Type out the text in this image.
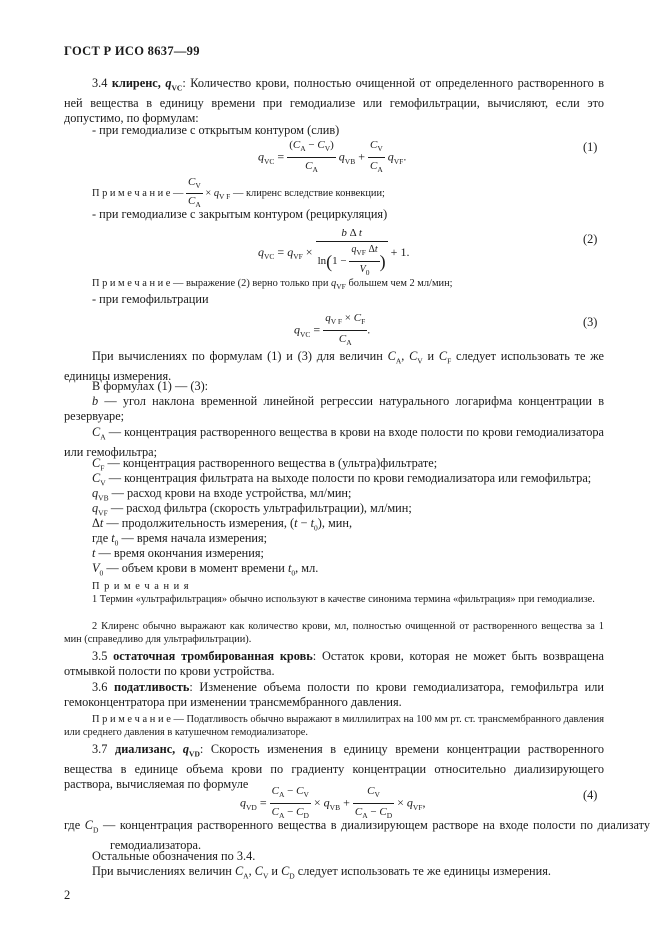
ГОСТ Р ИСО 8637—99
3.4 клиренс, $q_{VC}$: Количество крови, полностью очищенной от определенного растворенного в ней вещества в единицу времени при гемодиализе или гемофильтрации, вычисляют, если это допустимо, по формулам:
- при гемодиализе с открытым контуром (слив)
$q_{VC} = \frac{(C_A - C_V)}{C_A} q_{VB} + \frac{C_V}{C_A} q_{VF}$.
(1)
П р и м е ч а н и е — $\frac{C_V}{C_A} \times q_{V F}$ — клиренс вследствие конвекции;
- при гемодиализе с закрытым контуром (рециркуляция)
$q_{VC} = q_{VF} \times \frac{\text{b Δ t}}{\ln(1 - \frac{q_{VF} \Delta t}{V_0} )} + 1$.
(2)
П р и м е ч а н и е — выражение (2) верно только при $q_{VF}$ большем чем 2 мл/мин;
- при гемофильтрации
$q_{VC} = \frac{q_{V F} \times C_F}{C_A}$ .
(3)
При вычислениях по формулам (1) и (3) для величин $C_A$, $C_V$ и $C_F$ следует использовать те же единицы измерения.
В формулах (1) — (3):
b — угол наклона временной линейной регрессии натурального логарифма концентрации в резервуаре;
$C_A$ — концентрация растворенного вещества в крови на входе полости по крови гемодиализатора или гемофильтра;
$C_F$ — концентрация растворенного вещества в (ультра)фильтрате;
$C_V$ — концентрация фильтрата на выходе полости по крови гемодиализатора или гемофильтра;
$q_{VB}$ — расход крови на входе устройства, мл/мин;
$q_{VF}$ — расход фильтра (скорость ультрафильтрации), мл/мин;
Δt — продолжительность измерения, $(t - t_0)$, мин,
где $t_0$ — время начала измерения;
t — время окончания измерения;
$V_0$ — объем крови в момент времени $t_0$, мл.
П р и м е ч а н и я
1 Термин «ультрафильтрация» обычно используют в качестве синонима термина «фильтрация» при гемодиализе.
2 Клиренс обычно выражают как количество крови, мл, полностью очищенной от растворенного вещества за 1 мин (справедливо для ультрафильтрации).
3.5 остаточная тромбированная кровь: Остаток крови, которая не может быть возвращена отмывкой полости по крови устройства.
3.6 податливость: Изменение объема полости по крови гемодиализатора, гемофильтра или гемоконцентратора при изменении трансмембранного давления.
П р и м е ч а н и е — Податливость обычно выражают в миллилитрах на 100 мм рт. ст. трансмембранного давления или среднего давления в катушечном гемодиализаторе.
3.7 диализанс, $q_{VD}$: Скорость изменения в единицу времени концентрации растворенного вещества в единице объема крови по градиенту концентрации относительно диализирующего раствора, вычисляемая по формуле
$q_{VD} = \frac{C_A - C_V}{C_A - C_D} \times q_{VB} + \frac{C_V}{C_A - C_D} \times q_{VF}$,
(4)
где $C_D$ — концентрация растворенного вещества в диализирующем растворе на входе полости по диализату гемодиализатора.
Остальные обозначения по 3.4.
При вычислениях величин $C_A$, $C_V$ и $C_D$ следует использовать те же единицы измерения.
2
